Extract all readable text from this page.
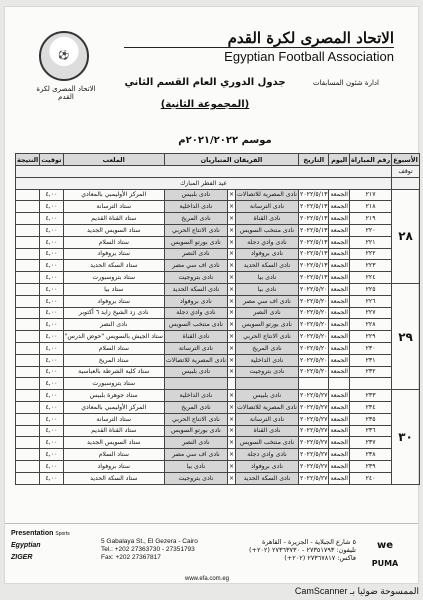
⚽
الاتحاد المصرى لكرة القدم
الاتحاد المصرى لكرة القدم
Egyptian Football Association
ادارة شئون المسابقات
جدول الدوري العام القسم الثاني
(المجموعة الثانية)
موسم ٢٠٢١/٢٠٢٢م
الأسبوع	رقم المباراة	اليوم	التاريخ	الفريقان المتباريان			الملعب	توقيت	النتيجة
توقف									
	عيد الفطر المبارك								
٢٨	٢١٧	الجمعة	٢٠٢٢/٥/١٣	نادى المصرية للاتصالات	×	نادى بلبيس	المركز الأوليمبي بالمعادي	٤,٠٠	
	٢١٨	الجمعة	٢٠٢٢/٥/١٣	نادى الترسانة	×	نادى الداخلية	ستاد الترسانة	٤,٠٠	
	٢١٩	الجمعة	٢٠٢٢/٥/١٣	نادى القناة	×	نادى المريخ	ستاد القناة القديم	٤,٠٠	
	٢٢٠	الجمعة	٢٠٢٢/٥/١٣	نادى منتخب السويس	×	نادى الانتاج الحربي	ستاد السويس الجديد	٤,٠٠	
	٢٢١	الجمعة	٢٠٢٢/٥/١٣	نادى وادي دجلة	×	نادى بورتو السويس	ستاد السلام	٤,٠٠	
	٢٢٢	الجمعة	٢٠٢٢/٥/١٣	نادى بروفواد	×	نادى النصر	ستاد بروفواد	٤,٠٠	
	٢٢٣	الجمعة	٢٠٢٢/٥/١٣	نادى السكة الحديد	×	نادى اف سي مصر	ستاد السكة الحديد	٤,٠٠	
	٢٢٤	الجمعة	٢٠٢٢/٥/١٣	نادى بيا	×	نادى بتروجيت	ستاد بتروسبورت	٤,٠٠	
٢٩	٢٢٥	الجمعة	٢٠٢٢/٥/٢٠	نادى بيا	×	نادى السكة الحديد	ستاد بيا	٤,٠٠	
	٢٢٦	الجمعة	٢٠٢٢/٥/٢٠	نادى اف سي مصر	×	نادى بروفواد	ستاد بروفواد	٤,٠٠	
	٢٢٧	الجمعة	٢٠٢٢/٥/٢٠	نادى النصر	×	نادى وادي دجلة	نادى زد الشيخ زايد ٦ أكتوبر	٤,٠٠	
	٢٢٨	الجمعة	٢٠٢٢/٥/٢٠	نادى بورتو السويس	×	نادى منتخب السويس	نادى النصر	٤,٠٠	
	٢٢٩	الجمعة	٢٠٢٢/٥/٢٠	نادى الانتاج الحربي	×	نادى القناة	ستاد الجيش بالسويس "حوض الدرس"	٤,٠٠	
	٢٣٠	الجمعة	٢٠٢٢/٥/٢٠	نادى المريخ	×	نادى الترسانة	ستاد السلام	٤,٠٠	
	٢٣١	الجمعة	٢٠٢٢/٥/٢٠	نادى الداخلية	×	نادى المصرية للاتصالات	ستاد المريخ	٤,٠٠	
	٢٣٢	الجمعة	٢٠٢٢/٥/٢٠	نادى بتروجيت	×	نادى بلبيس	ستاد كلية الشرطة بالعباسية	٤,٠٠	
							ستاد بتروسبورت	٤,٠٠	
٣٠	٢٣٣	الجمعة	٢٠٢٢/٥/٢٧	نادى بلبيس	×	نادى الداخلية	ستاد جوهرة بلبيس	٤,٠٠	
	٢٣٤	الجمعة	٢٠٢٢/٥/٢٧	نادى المصرية للاتصالات	×	نادى المريخ	المركز الأوليمبي بالمعادي	٤,٠٠	
	٢٣٥	الجمعة	٢٠٢٢/٥/٢٧	نادى الترسانة	×	نادى الانتاج الحربي	ستاد الترسانة	٤,٠٠	
	٢٣٦	الجمعة	٢٠٢٢/٥/٢٧	نادى القناة	×	نادى بورتو السويس	ستاد القناة القديم	٤,٠٠	
	٢٣٧	الجمعة	٢٠٢٢/٥/٢٧	نادى منتخب السويس	×	نادى النصر	ستاد السويس الجديد	٤,٠٠	
	٢٣٨	الجمعة	٢٠٢٢/٥/٢٧	نادى وادي دجلة	×	نادى اف سي مصر	ستاد السلام	٤,٠٠	
	٢٣٩	الجمعة	٢٠٢٢/٥/٢٧	نادى بروفواد	×	نادى بيا	ستاد بروفواد	٤,٠٠	
	٢٤٠	الجمعة	٢٠٢٢/٥/٢٧	نادى السكة الحديد	×	نادى بتروجيت	ستاد السكة الحديد	٤,٠٠	
Presentation Sports
Egyptian
ZIGER
5 Gabalaya St., El Gezera - Cairo
Tel.: +202 27363730 - 27351793
Fax: +202 27367817
٥ شارع الجبلاية - الجزيرة - القاهرة
تليفون: ٢٧٣٥١٧٩٣ - ٢٧٣٦٣٧٣٠ (٢٠٢+)
فاكس: ٢٧٣٦٧٨١٧ (٢٠٢+)
www.efa.com.eg
we
PUMA
الممسوحة ضوئيا بـ CamScanner
